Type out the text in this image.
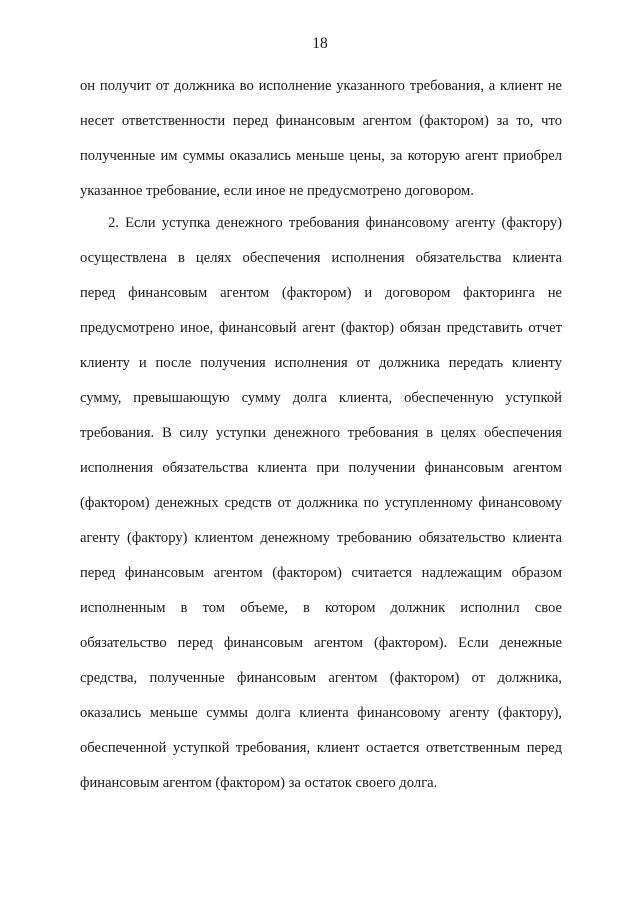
18
он получит от должника во исполнение указанного требования, а клиент не
несет ответственности перед финансовым агентом (фактором) за то, что
полученные им суммы оказались меньше цены, за которую агент приобрел
указанное требование, если иное не предусмотрено договором.
2. Если уступка денежного требования финансовому агенту (фактору)
осуществлена в целях обеспечения исполнения обязательства клиента
перед финансовым агентом (фактором) и договором факторинга не
предусмотрено иное, финансовый агент (фактор) обязан представить отчет
клиенту и после получения исполнения от должника передать клиенту
сумму, превышающую сумму долга клиента, обеспеченную уступкой
требования. В силу уступки денежного требования в целях обеспечения
исполнения обязательства клиента при получении финансовым агентом
(фактором) денежных средств от должника по уступленному финансовому
агенту (фактору) клиентом денежному требованию обязательство клиента
перед финансовым агентом (фактором) считается надлежащим образом
исполненным в том объеме, в котором должник исполнил свое
обязательство перед финансовым агентом (фактором). Если денежные
средства, полученные финансовым агентом (фактором) от должника,
оказались меньше суммы долга клиента финансовому агенту (фактору),
обеспеченной уступкой требования, клиент остается ответственным перед
финансовым агентом (фактором) за остаток своего долга.
